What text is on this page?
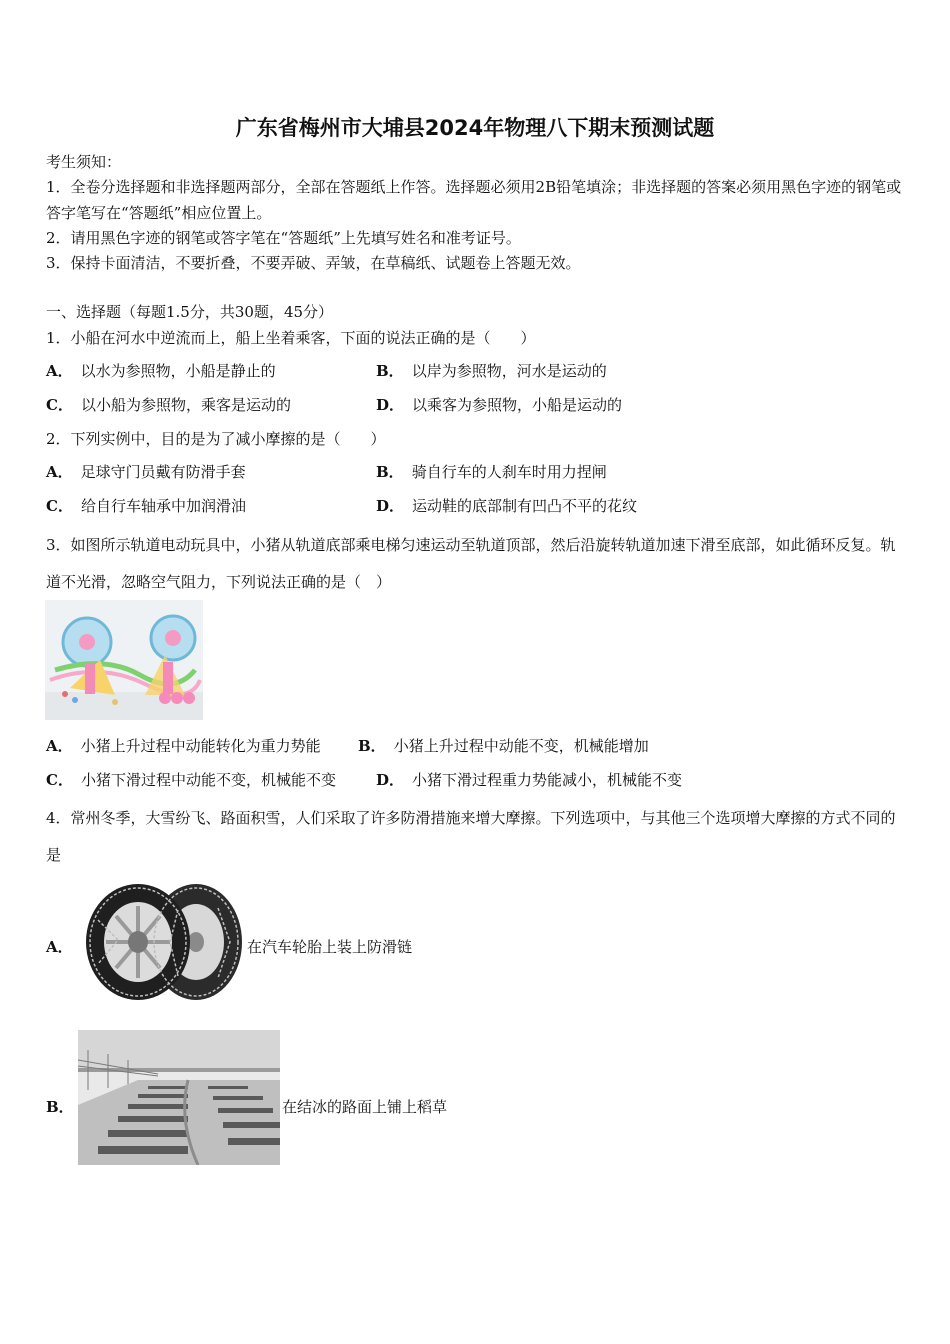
广东省梅州市大埔县2024年物理八下期末预测试题
考生须知：
1．全卷分选择题和非选择题两部分，全部在答题纸上作答。选择题必须用2B铅笔填涂；非选择题的答案必须用黑色字迹的钢笔或答字笔写在“答题纸”相应位置上。
2．请用黑色字迹的钢笔或答字笔在“答题纸”上先填写姓名和准考证号。
3．保持卡面清洁，不要折叠，不要弄破、弄皱，在草稿纸、试题卷上答题无效。
一、选择题（每题1.5分，共30题，45分）
1．小船在河水中逆流而上，船上坐着乘客，下面的说法正确的是（　　）
A． 以水为参照物，小船是静止的	B． 以岸为参照物，河水是运动的
C． 以小船为参照物，乘客是运动的	D． 以乘客为参照物，小船是运动的
2．下列实例中，目的是为了减小摩擦的是（　　）
A． 足球守门员戴有防滑手套	B． 骑自行车的人刹车时用力捏闸
C． 给自行车轴承中加润滑油	D． 运动鞋的底部制有凹凸不平的花纹
3．如图所示轨道电动玩具中，小猪从轨道底部乘电梯匀速运动至轨道顶部，然后沿旋转轨道加速下滑至底部，如此循环反复。轨道不光滑，忽略空气阻力，下列说法正确的是（　）
A． 小猪上升过程中动能转化为重力势能 B． 小猪上升过程中动能不变，机械能增加
C． 小猪下滑过程中动能不变，机械能不变	D． 小猪下滑过程重力势能减小，机械能不变
4．常州冬季，大雪纷飞、路面积雪，人们采取了许多防滑措施来增大摩擦。下列选项中，与其他三个选项增大摩擦的方式不同的是
A．	在汽车轮胎上装上防滑链
B．	在结冰的路面上铺上稻草
